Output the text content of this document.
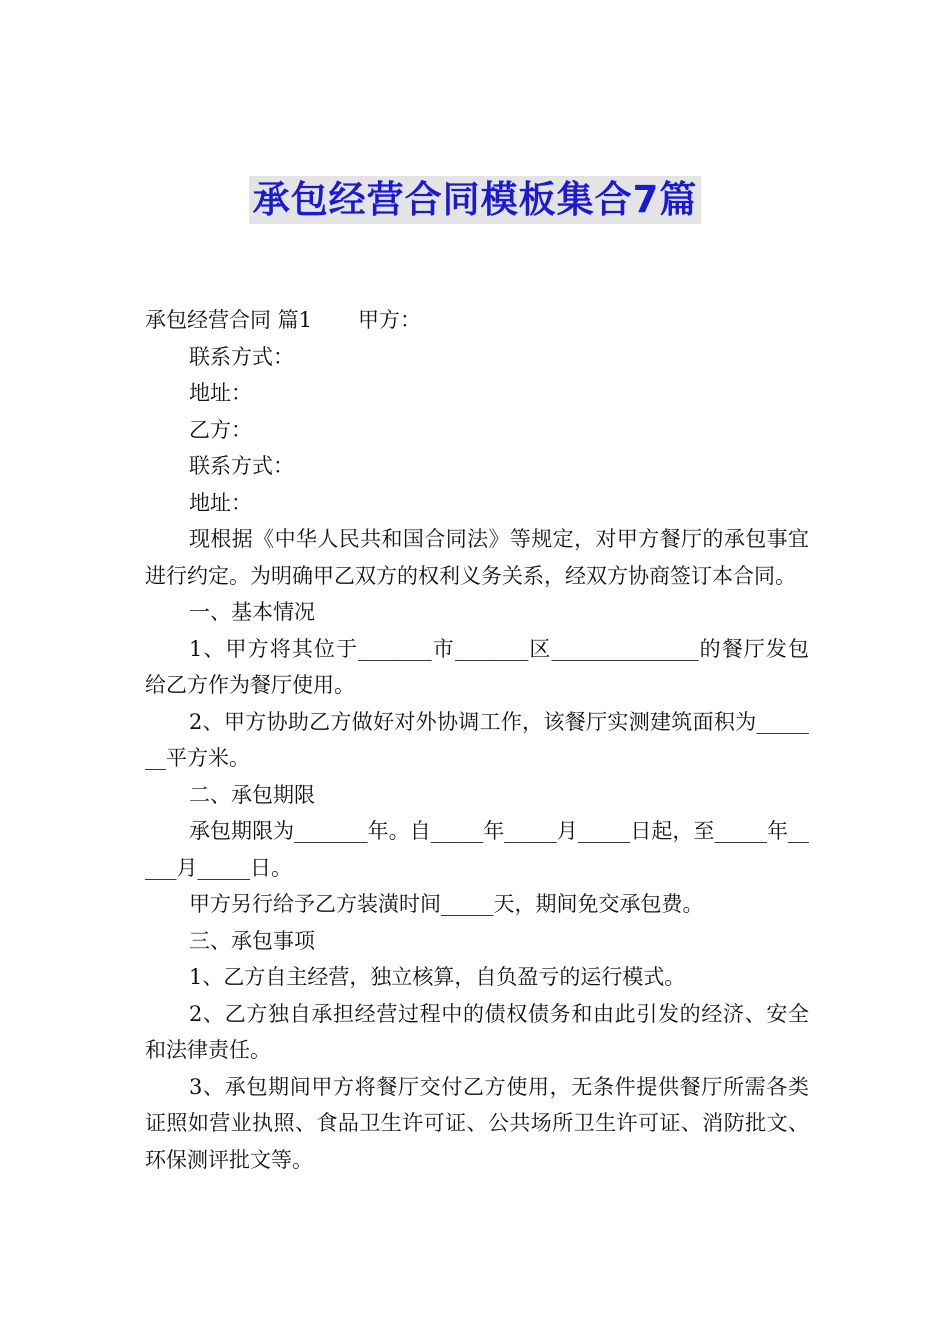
承包经营合同模板集合7篇

承包经营合同 篇1 甲方：

联系方式：

地址：

乙方：

联系方式：

地址：

现根据《中华人民共和国合同法》等规定，对甲方餐厅的承包事宜进行约定。为明确甲乙双方的权利义务关系，经双方协商签订本合同。

一、基本情况

1、甲方将其位于_______市_______区______________的餐厅发包给乙方作为餐厅使用。

2、甲方协助乙方做好对外协调工作，该餐厅实测建筑面积为_______平方米。

二、承包期限

承包期限为_______年。自_____年_____月_____日起，至_____年_____月_____日。

甲方另行给予乙方装潢时间_____天，期间免交承包费。

三、承包事项

1、乙方自主经营，独立核算，自负盈亏的运行模式。

2、乙方独自承担经营过程中的债权债务和由此引发的经济、安全和法律责任。

3、承包期间甲方将餐厅交付乙方使用，无条件提供餐厅所需各类证照如营业执照、食品卫生许可证、公共场所卫生许可证、消防批文、环保测评批文等。
